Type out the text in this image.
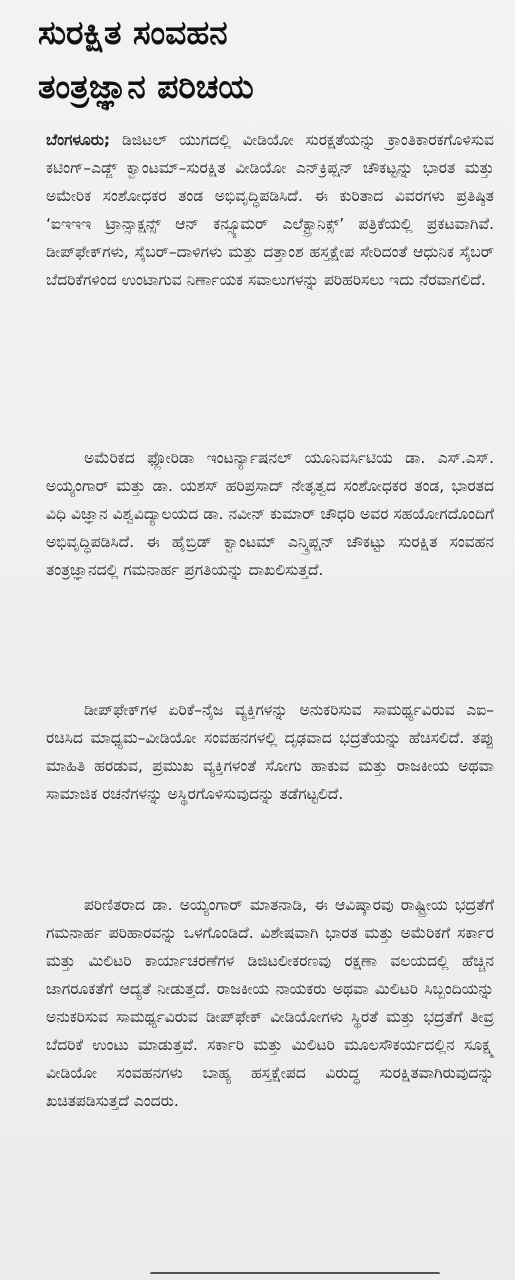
ಸುರಕ್ಷಿತ ಸಂವಹನ
ತಂತ್ರಜ್ಞಾನ ಪರಿಚಯ

ಬೆಂಗಳೂರು; ಡಿಜಿಟಲ್ ಯುಗದಲ್ಲಿ ವೀಡಿಯೋ ಸುರಕ್ಷತೆಯನ್ನು ಕ್ರಾಂತಿಕಾರಕಗೊಳಿಸುವ ಕಟಿಂಗ್‌–ಎಡ್ಜ್ ಕ್ವಾಂಟಮ್–ಸುರಕ್ಷಿತ ವೀಡಿಯೋ ಎನ್‌ಕ್ರಿಪ್ಷನ್ ಚೌಕಟ್ಟನ್ನು ಭಾರತ ಮತ್ತು ಅಮೇರಿಕ ಸಂಶೋಧಕರ ತಂಡ ಅಭಿವೃದ್ಧಿಪಡಿಸಿದೆ. ಈ ಕುರಿತಾದ ವಿವರಗಳು ಪ್ರತಿಷ್ಠಿತ ‘ಐಇಇಇ ಟ್ರಾನ್ಸಾಕ್ಷನ್ಸ್ ಆನ್ ಕನ್ಸ್ಯೂಮರ್ ಎಲೆಕ್ಟ್ರಾನಿಕ್ಸ್’ ಪತ್ರಿಕೆಯಲ್ಲಿ ಪ್ರಕಟವಾಗಿವೆ. ಡೀಪ್‌ಫೇಕ್‌ಗಳು, ಸೈಬರ್–ದಾಳಿಗಳು ಮತ್ತು ದತ್ತಾಂಶ ಹಸ್ತಕ್ಷೇಪ ಸೇರಿದಂತೆ ಆಧುನಿಕ ಸೈಬರ್ ಬೆದರಿಕೆಗಳಿಂದ ಉಂಟಾಗುವ ನಿರ್ಣಾಯಕ ಸವಾಲುಗಳನ್ನು ಪರಿಹರಿಸಲು ಇದು ನೆರವಾಗಲಿದೆ.

ಅಮೆರಿಕದ ಫ್ಲೋರಿಡಾ ಇಂಟರ್ನ್ಯಾಷನಲ್ ಯೂನಿವರ್ಸಿಟಿಯ ಡಾ. ಎಸ್.ಎಸ್. ಅಯ್ಯಂಗಾರ್ ಮತ್ತು ಡಾ. ಯಶಸ್ ಹರಿಪ್ರಸಾದ್ ನೇತೃತ್ವದ ಸಂಶೋಧಕರ ತಂಡ, ಭಾರತದ ವಿಧಿ ವಿಜ್ಞಾನ ವಿಶ್ವವಿದ್ಯಾಲಯದ ಡಾ. ನವೀನ್ ಕುಮಾರ್ ಚೌಧರಿ ಅವರ ಸಹಯೋಗದೊಂದಿಗೆ ಅಭಿವೃದ್ಧಿಪಡಿಸಿದೆ. ಈ ಹೈಬ್ರಿಡ್ ಕ್ವಾಂಟಮ್ ಎನ್ಕ್ರಿಪ್ಷನ್ ಚೌಕಟ್ಟು ಸುರಕ್ಷಿತ ಸಂವಹನ ತಂತ್ರಜ್ಞಾನದಲ್ಲಿ ಗಮನಾರ್ಹ ಪ್ರಗತಿಯನ್ನು ದಾಖಲಿಸುತ್ತದೆ.

ಡೀಪ್‌ಫೇಕ್‌ಗಳ ಏರಿಕೆ–ನೈಜ ವ್ಯಕ್ತಿಗಳನ್ನು ಅನುಕರಿಸುವ ಸಾಮರ್ಥ್ಯವಿರುವ ಎಐ–ರಚಿಸಿದ ಮಾಧ್ಯಮ–ವೀಡಿಯೋ ಸಂವಹನಗಳಲ್ಲಿ ದೃಢವಾದ ಭದ್ರತೆಯನ್ನು ಹೆಚಿಸಲಿದೆ. ತಪ್ಪು ಮಾಹಿತಿ ಹರಡುವ, ಪ್ರಮುಖ ವ್ಯಕ್ತಿಗಳಂತೆ ಸೋಗು ಹಾಕುವ ಮತ್ತು ರಾಜಕೀಯ ಅಥವಾ ಸಾಮಾಜಿಕ ರಚನೆಗಳನ್ನು ಅಸ್ಥಿರಗೊಳಿಸುವುದನ್ನು ತಡೆಗಟ್ಟಲಿದೆ.

ಪರಿಣಿತರಾದ ಡಾ. ಅಯ್ಯಂಗಾರ್ ಮಾತನಾಡಿ, ಈ ಆವಿಷ್ಕಾರವು ರಾಷ್ಟ್ರೀಯ ಭದ್ರತೆಗೆ ಗಮನಾರ್ಹ ಪರಿಹಾರವನ್ನು ಒಳಗೊಂಡಿದೆ. ವಿಶೇಷವಾಗಿ ಭಾರತ ಮತ್ತು ಅಮೆರಿಕಗೆ ಸರ್ಕಾರ ಮತ್ತು ಮಿಲಿಟರಿ ಕಾರ್ಯಾಚರಣೆಗಳ ಡಿಜಿಟಲೀಕರಣವು ರಕ್ಷಣಾ ವಲಯದಲ್ಲಿ ಹೆಚ್ಚಿನ ಜಾಗರೂಕತೆಗೆ ಆದ್ಯತೆ ನೀಡುತ್ತದೆ. ರಾಜಕೀಯ ನಾಯಕರು ಅಥವಾ ಮಿಲಿಟರಿ ಸಿಬ್ಬಂದಿಯನ್ನು ಅನುಕರಿಸುವ ಸಾಮರ್ಥ್ಯವಿರುವ ಡೀಪ್‌ಫೇಕ್ ವೀಡಿಯೋಗಳು ಸ್ಥಿರತೆ ಮತ್ತು ಭದ್ರತೆಗೆ ತೀವ್ರ ಬೆದರಿಕೆ ಉಂಟು ಮಾಡುತ್ತವೆ. ಸರ್ಕಾರಿ ಮತ್ತು ಮಿಲಿಟರಿ ಮೂಲಸೌಕರ್ಯದಲ್ಲಿನ ಸೂಕ್ಷ್ಮ ವೀಡಿಯೋ ಸಂವಹನಗಳು ಬಾಹ್ಯ ಹಸ್ತಕ್ಷೇಪದ ವಿರುದ್ಧ ಸುರಕ್ಷಿತವಾಗಿರುವುದನ್ನು ಖಚಿತಪಡಿಸುತ್ತದೆ ಎಂದರು.
